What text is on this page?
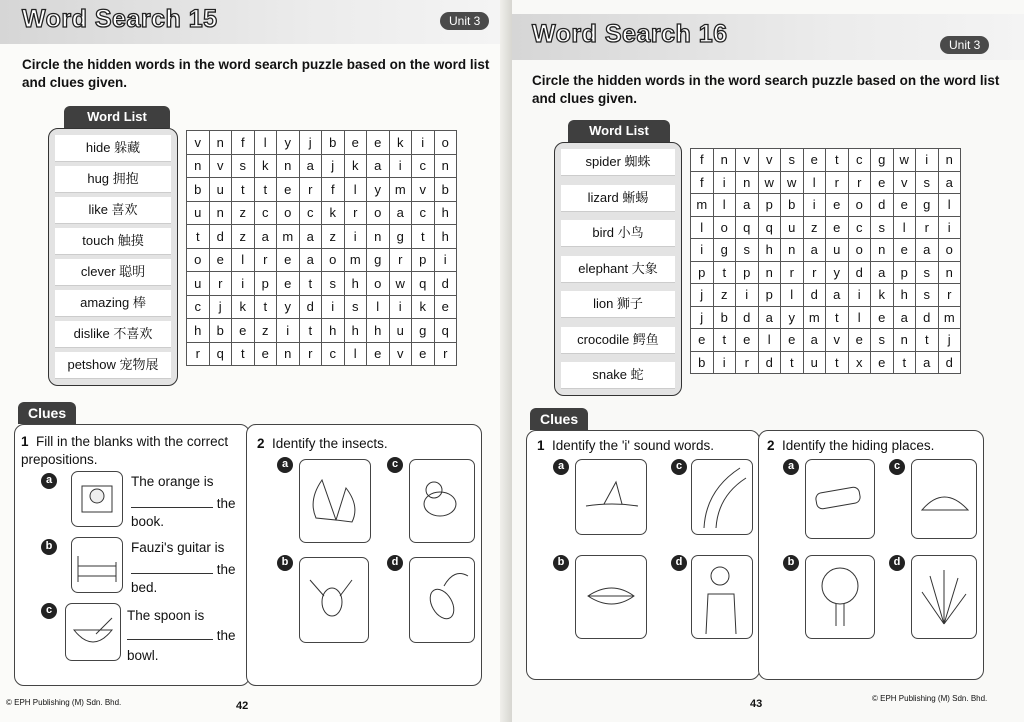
Word Search 15	Unit 3
Circle the hidden words in the word search puzzle based on the word list and clues given.
Word List
hide 躲藏
hug 拥抱
like 喜欢
touch 触摸
clever 聪明
amazing 棒
dislike 不喜欢
petshow 宠物展
v	n	f	l	y	j	b	e	e	k	i	o
n	v	s	k	n	a	j	k	a	i	c	n
b	u	t	t	e	r	f	l	y	m	v	b
u	n	z	c	o	c	k	r	o	a	c	h
t	d	z	a	m	a	z	i	n	g	t	h
o	e	l	r	e	a	o	m	g	r	p	i
u	r	i	p	e	t	s	h	o	w	q	d
c	j	k	t	y	d	i	s	l	i	k	e
h	b	e	z	i	t	h	h	h	u	g	q
r	q	t	e	n	r	c	l	e	v	e	r
Clues
1 Fill in the blanks with the correct prepositions.
a	The orange is
the
book.
b	Fauzi's guitar is
the
bed.
c	The spoon is
the
bowl.
2 Identify the insects.
a	c
b	d
© EPH Publishing (M) Sdn. Bhd.	42
Word Search 16	Unit 3
Circle the hidden words in the word search puzzle based on the word list and clues given.
Word List
spider 蜘蛛
lizard 蜥蜴
bird 小鸟
elephant 大象
lion 狮子
crocodile 鳄鱼
snake 蛇
f	n	v	v	s	e	t	c	g	w	i	n
f	i	n	w	w	l	r	r	e	v	s	a
m	l	a	p	b	i	e	o	d	e	g	l
l	o	q	q	u	z	e	c	s	l	r	i
i	g	s	h	n	a	u	o	n	e	a	o
p	t	p	n	r	r	y	d	a	p	s	n
j	z	i	p	l	d	a	i	k	h	s	r
j	b	d	a	y	m	t	l	e	a	d	m
e	t	e	l	e	a	v	e	s	n	t	j
b	i	r	d	t	u	t	x	e	t	a	d
Clues
1 Identify the 'i' sound words.
a	c
b	d
2 Identify the hiding places.
a	c
b	d
43	© EPH Publishing (M) Sdn. Bhd.
